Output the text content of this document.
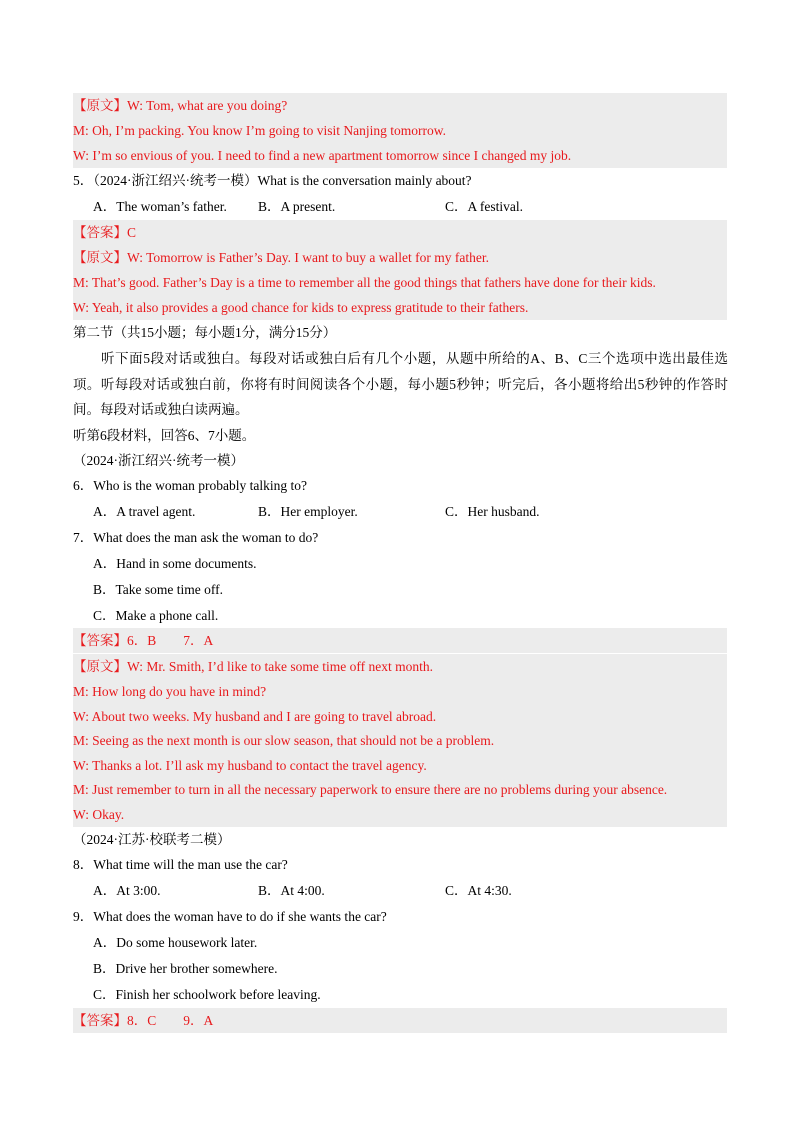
【原文】W: Tom, what are you doing?
M: Oh, I’m packing. You know I’m going to visit Nanjing tomorrow.
W: I’m so envious of you. I need to find a new apartment tomorrow since I changed my job.
5．（2024·浙江绍兴·统考一模）What is the conversation mainly about?
A．The woman’s father. B．A present.	C．A festival.
【答案】C
【原文】W: Tomorrow is Father’s Day. I want to buy a wallet for my father.
M: That’s good. Father’s Day is a time to remember all the good things that fathers have done for their kids.
W: Yeah, it also provides a good chance for kids to express gratitude to their fathers.
第二节（共15小题；每小题1分，满分15分）
听下面5段对话或独白。每段对话或独白后有几个小题，从题中所给的A、B、C三个选项中选出最佳选项。听每段对话或独白前，你将有时间阅读各个小题，每小题5秒钟；听完后，各小题将给出5秒钟的作答时间。每段对话或独白读两遍。
听第6段材料，回答6、7小题。
（2024·浙江绍兴·统考一模）
6．Who is the woman probably talking to?
A．A travel agent.	B．Her employer.	C．Her husband.
7．What does the man ask the woman to do?
A．Hand in some documents.
B．Take some time off.
C．Make a phone call.
【答案】6．B　　7．A
【原文】W: Mr. Smith, I’d like to take some time off next month.
M: How long do you have in mind?
W: About two weeks. My husband and I are going to travel abroad.
M: Seeing as the next month is our slow season, that should not be a problem.
W: Thanks a lot. I’ll ask my husband to contact the travel agency.
M: Just remember to turn in all the necessary paperwork to ensure there are no problems during your absence.
W: Okay.
（2024·江苏·校联考二模）
8．What time will the man use the car?
A．At 3:00.	B．At 4:00.	C．At 4:30.
9．What does the woman have to do if she wants the car?
A．Do some housework later.
B．Drive her brother somewhere.
C．Finish her schoolwork before leaving.
【答案】8．C　　9．A
